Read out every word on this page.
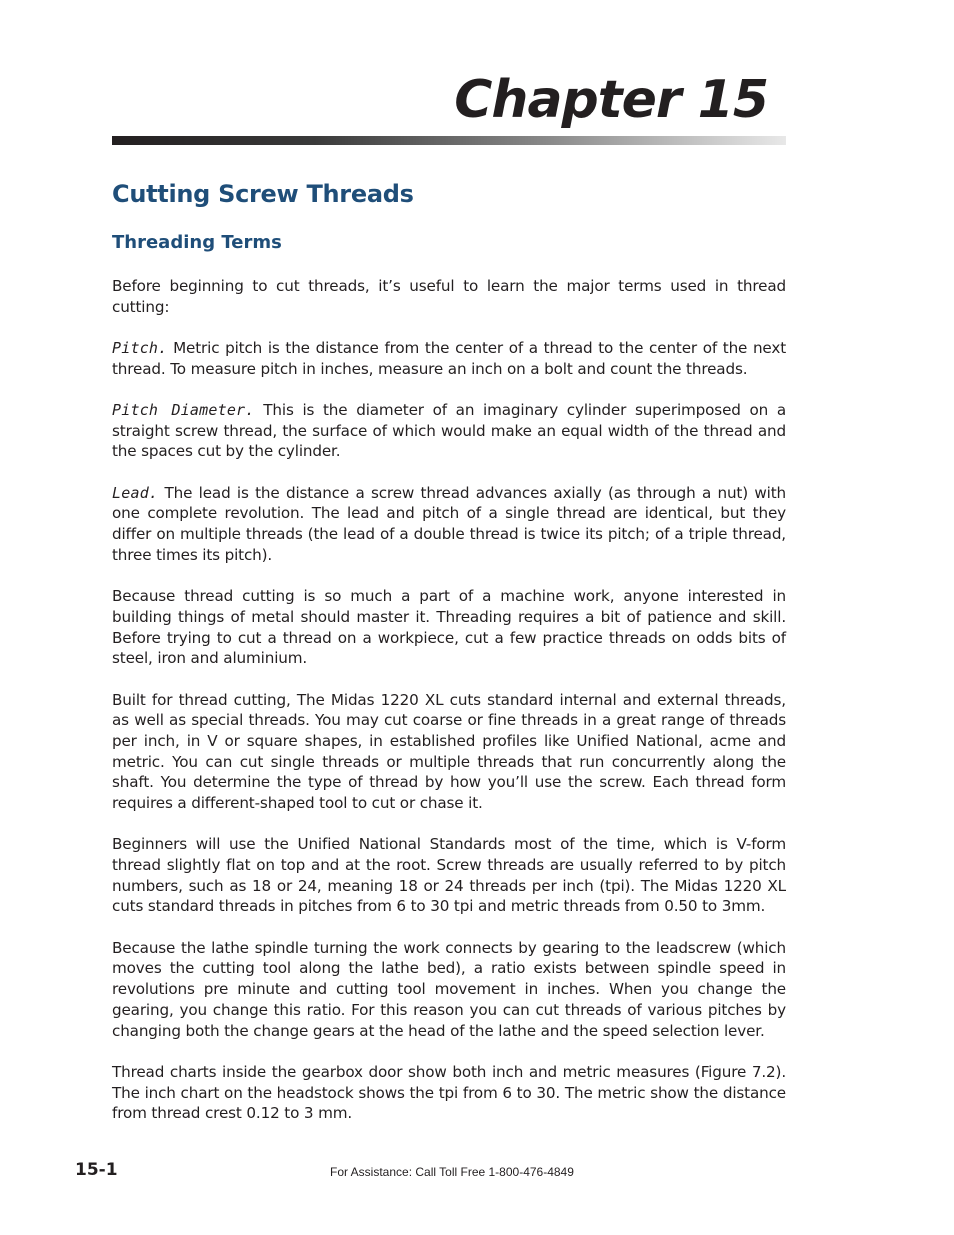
Chapter 15
Cutting Screw Threads
Threading Terms

Before beginning to cut threads, it’s useful to learn the major terms used in thread cutting:

Pitch. Metric pitch is the distance from the center of a thread to the center of the next thread. To measure pitch in inches, measure an inch on a bolt and count the threads.

Pitch Diameter. This is the diameter of an imaginary cylinder superimposed on a straight screw thread, the surface of which would make an equal width of the thread and the spaces cut by the cylinder.

Lead. The lead is the distance a screw thread advances axially (as through a nut) with one complete revolution. The lead and pitch of a single thread are identical, but they differ on multiple threads (the lead of a double thread is twice its pitch; of a triple thread, three times its pitch).

Because thread cutting is so much a part of a machine work, anyone interested in building things of metal should master it. Threading requires a bit of patience and skill. Before trying to cut a thread on a workpiece, cut a few practice threads on odds bits of steel, iron and aluminium.

Built for thread cutting, The Midas 1220 XL cuts standard internal and external threads, as well as special threads. You may cut coarse or fine threads in a great range of threads per inch, in V or square shapes, in established profiles like Unified National, acme and metric. You can cut single threads or multiple threads that run concurrently along the shaft. You determine the type of thread by how you’ll use the screw. Each thread form requires a different-shaped tool to cut or chase it.

Beginners will use the Unified National Standards most of the time, which is V-form thread slightly flat on top and at the root. Screw threads are usually referred to by pitch numbers, such as 18 or 24, meaning 18 or 24 threads per inch (tpi). The Midas 1220 XL cuts standard threads in pitches from 6 to 30 tpi and metric threads from 0.50 to 3mm.

Because the lathe spindle turning the work connects by gearing to the leadscrew (which moves the cutting tool along the lathe bed), a ratio exists between spindle speed in revolutions pre minute and cutting tool movement in inches. When you change the gearing, you change this ratio. For this reason you can cut threads of various pitches by changing both the change gears at the head of the lathe and the speed selection lever.

Thread charts inside the gearbox door show both inch and metric measures (Figure 7.2). The inch chart on the headstock shows the tpi from 6 to 30. The metric show the distance from thread crest 0.12 to 3 mm.

15-1	For Assistance: Call Toll Free 1-800-476-4849
